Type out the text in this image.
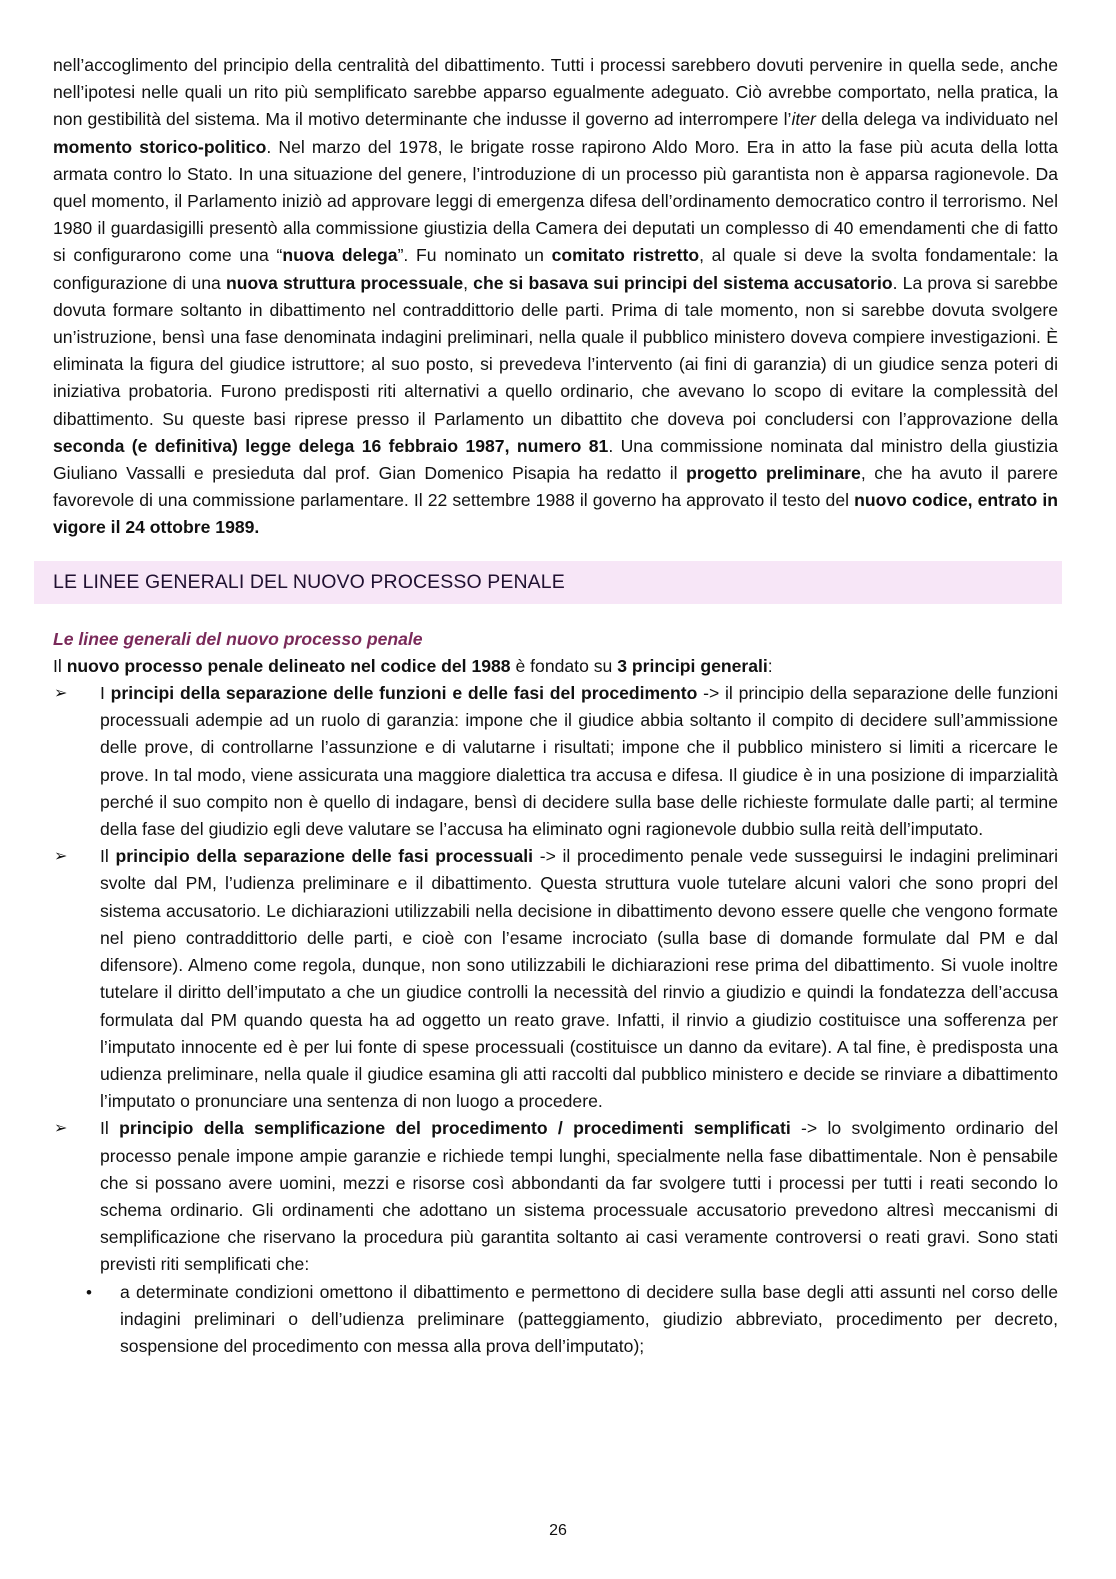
nell’accoglimento del principio della centralità del dibattimento. Tutti i processi sarebbero dovuti pervenire in quella sede, anche nell’ipotesi nelle quali un rito più semplificato sarebbe apparso egualmente adeguato. Ciò avrebbe comportato, nella pratica, la non gestibilità del sistema. Ma il motivo determinante che indusse il governo ad interrompere l’iter della delega va individuato nel momento storico-politico. Nel marzo del 1978, le brigate rosse rapirono Aldo Moro. Era in atto la fase più acuta della lotta armata contro lo Stato. In una situazione del genere, l’introduzione di un processo più garantista non è apparsa ragionevole. Da quel momento, il Parlamento iniziò ad approvare leggi di emergenza difesa dell’ordinamento democratico contro il terrorismo. Nel 1980 il guardasigilli presentò alla commissione giustizia della Camera dei deputati un complesso di 40 emendamenti che di fatto si configurarono come una “nuova delega”. Fu nominato un comitato ristretto, al quale si deve la svolta fondamentale: la configurazione di una nuova struttura processuale, che si basava sui principi del sistema accusatorio. La prova si sarebbe dovuta formare soltanto in dibattimento nel contraddittorio delle parti. Prima di tale momento, non si sarebbe dovuta svolgere un’istruzione, bensì una fase denominata indagini preliminari, nella quale il pubblico ministero doveva compiere investigazioni. È eliminata la figura del giudice istruttore; al suo posto, si prevedeva l’intervento (ai fini di garanzia) di un giudice senza poteri di iniziativa probatoria. Furono predisposti riti alternativi a quello ordinario, che avevano lo scopo di evitare la complessità del dibattimento. Su queste basi riprese presso il Parlamento un dibattito che doveva poi concludersi con l’approvazione della seconda (e definitiva) legge delega 16 febbraio 1987, numero 81. Una commissione nominata dal ministro della giustizia Giuliano Vassalli e presieduta dal prof. Gian Domenico Pisapia ha redatto il progetto preliminare, che ha avuto il parere favorevole di una commissione parlamentare. Il 22 settembre 1988 il governo ha approvato il testo del nuovo codice, entrato in vigore il 24 ottobre 1989.

LE LINEE GENERALI DEL NUOVO PROCESSO PENALE
Le linee generali del nuovo processo penale

Il nuovo processo penale delineato nel codice del 1988 è fondato su 3 principi generali:

➢ I principi della separazione delle funzioni e delle fasi del procedimento -> il principio della separazione delle funzioni processuali adempie ad un ruolo di garanzia: impone che il giudice abbia soltanto il compito di decidere sull’ammissione delle prove, di controllarne l’assunzione e di valutarne i risultati; impone che il pubblico ministero si limiti a ricercare le prove. In tal modo, viene assicurata una maggiore dialettica tra accusa e difesa. Il giudice è in una posizione di imparzialità perché il suo compito non è quello di indagare, bensì di decidere sulla base delle richieste formulate dalle parti; al termine della fase del giudizio egli deve valutare se l’accusa ha eliminato ogni ragionevole dubbio sulla reità dell’imputato.
➢ Il principio della separazione delle fasi processuali -> il procedimento penale vede susseguirsi le indagini preliminari svolte dal PM, l’udienza preliminare e il dibattimento. Questa struttura vuole tutelare alcuni valori che sono propri del sistema accusatorio. Le dichiarazioni utilizzabili nella decisione in dibattimento devono essere quelle che vengono formate nel pieno contraddittorio delle parti, e cioè con l’esame incrociato (sulla base di domande formulate dal PM e dal difensore). Almeno come regola, dunque, non sono utilizzabili le dichiarazioni rese prima del dibattimento. Si vuole inoltre tutelare il diritto dell’imputato a che un giudice controlli la necessità del rinvio a giudizio e quindi la fondatezza dell’accusa formulata dal PM quando questa ha ad oggetto un reato grave. Infatti, il rinvio a giudizio costituisce una sofferenza per l’imputato innocente ed è per lui fonte di spese processuali (costituisce un danno da evitare). A tal fine, è predisposta una udienza preliminare, nella quale il giudice esamina gli atti raccolti dal pubblico ministero e decide se rinviare a dibattimento l’imputato o pronunciare una sentenza di non luogo a procedere.
➢ Il principio della semplificazione del procedimento / procedimenti semplificati -> lo svolgimento ordinario del processo penale impone ampie garanzie e richiede tempi lunghi, specialmente nella fase dibattimentale. Non è pensabile che si possano avere uomini, mezzi e risorse così abbondanti da far svolgere tutti i processi per tutti i reati secondo lo schema ordinario. Gli ordinamenti che adottano un sistema processuale accusatorio prevedono altresì meccanismi di semplificazione che riservano la procedura più garantita soltanto ai casi veramente controversi o reati gravi. Sono stati previsti riti semplificati che:
• a determinate condizioni omettono il dibattimento e permettono di decidere sulla base degli atti assunti nel corso delle indagini preliminari o dell’udienza preliminare (patteggiamento, giudizio abbreviato, procedimento per decreto, sospensione del procedimento con messa alla prova dell’imputato);
26
